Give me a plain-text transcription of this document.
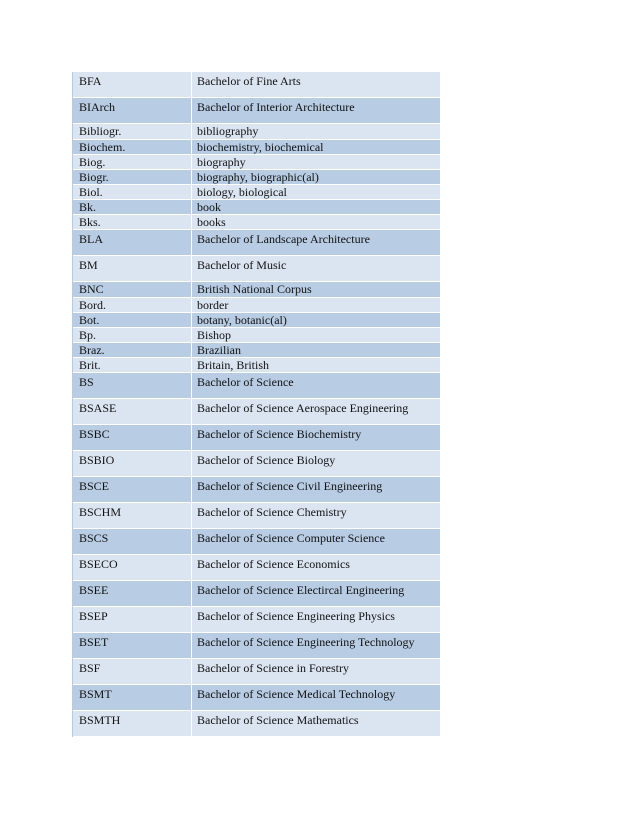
BFA	Bachelor of Fine Arts
BIArch	Bachelor of Interior Architecture
Bibliogr.	bibliography
Biochem.	biochemistry, biochemical
Biog.	biography
Biogr.	biography, biographic(al)
Biol.	biology, biological
Bk.	book
Bks.	books
BLA	Bachelor of Landscape Architecture
BM	Bachelor of Music
BNC	British National Corpus
Bord.	border
Bot.	botany, botanic(al)
Bp.	Bishop
Braz.	Brazilian
Brit.	Britain, British
BS	Bachelor of Science
BSASE	Bachelor of Science Aerospace Engineering
BSBC	Bachelor of Science Biochemistry
BSBIO	Bachelor of Science Biology
BSCE	Bachelor of Science Civil Engineering
BSCHM	Bachelor of Science Chemistry
BSCS	Bachelor of Science Computer Science
BSECO	Bachelor of Science Economics
BSEE	Bachelor of Science Electircal Engineering
BSEP	Bachelor of Science Engineering Physics
BSET	Bachelor of Science Engineering Technology
BSF	Bachelor of Science in Forestry
BSMT	Bachelor of Science Medical Technology
BSMTH	Bachelor of Science Mathematics
